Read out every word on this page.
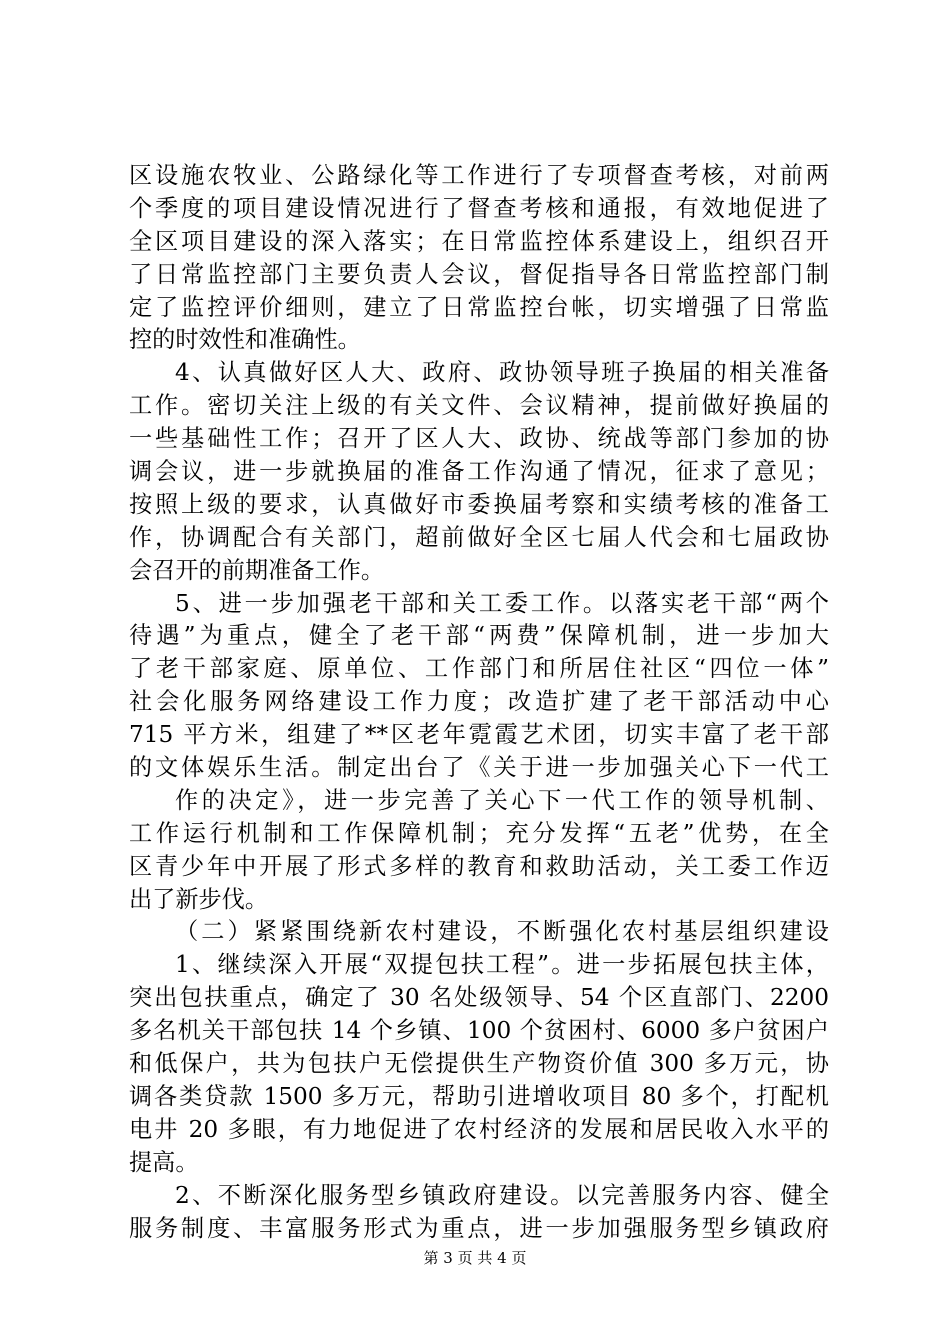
区设施农牧业、公路绿化等工作进行了专项督查考核，对前两
个季度的项目建设情况进行了督查考核和通报，有效地促进了
全区项目建设的深入落实；在日常监控体系建设上，组织召开
了日常监控部门主要负责人会议，督促指导各日常监控部门制
定了监控评价细则，建立了日常监控台帐，切实增强了日常监
控的时效性和准确性。
4、认真做好区人大、政府、政协领导班子换届的相关准备
工作。密切关注上级的有关文件、会议精神，提前做好换届的
一些基础性工作；召开了区人大、政协、统战等部门参加的协
调会议，进一步就换届的准备工作沟通了情况，征求了意见；
按照上级的要求，认真做好市委换届考察和实绩考核的准备工
作，协调配合有关部门，超前做好全区七届人代会和七届政协
会召开的前期准备工作。
5、进一步加强老干部和关工委工作。以落实老干部“两个
待遇”为重点，健全了老干部“两费”保障机制，进一步加大
了老干部家庭、原单位、工作部门和所居住社区“四位一体”
社会化服务网络建设工作力度；改造扩建了老干部活动中心
715 平方米，组建了**区老年霓霞艺术团，切实丰富了老干部
的文体娱乐生活。制定出台了《关于进一步加强关心下一代工
作的决定》，进一步完善了关心下一代工作的领导机制、
工作运行机制和工作保障机制；充分发挥“五老”优势，在全
区青少年中开展了形式多样的教育和救助活动，关工委工作迈
出了新步伐。
（二）紧紧围绕新农村建设，不断强化农村基层组织建设
1、继续深入开展“双提包扶工程”。进一步拓展包扶主体，
突出包扶重点，确定了 30 名处级领导、54 个区直部门、2200
多名机关干部包扶 14 个乡镇、100 个贫困村、6000 多户贫困户
和低保户，共为包扶户无偿提供生产物资价值 300 多万元，协
调各类贷款 1500 多万元，帮助引进增收项目 80 多个，打配机
电井 20 多眼，有力地促进了农村经济的发展和居民收入水平的
提高。
2、不断深化服务型乡镇政府建设。以完善服务内容、健全
服务制度、丰富服务形式为重点，进一步加强服务型乡镇政府
第 3 页 共 4 页
